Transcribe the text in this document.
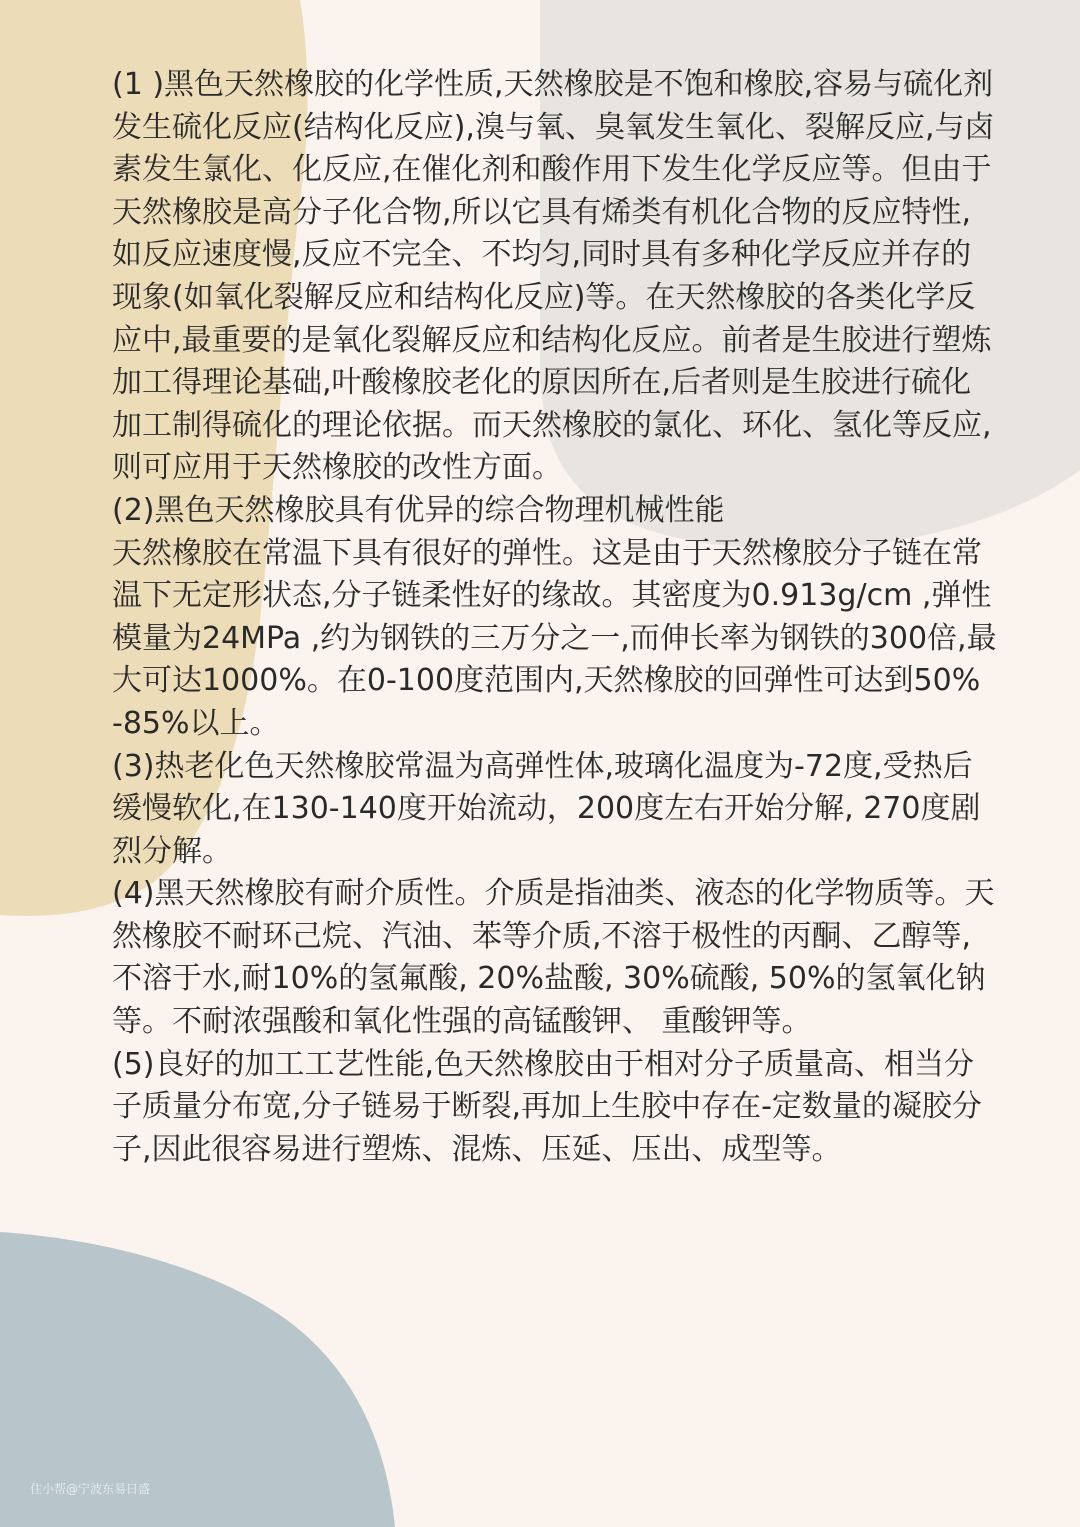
(1 )黑色天然橡胶的化学性质,天然橡胶是不饱和橡胶,容易与硫化剂发生硫化反应(结构化反应),溴与氧、臭氧发生氧化、裂解反应,与卤素发生氯化、化反应,在催化剂和酸作用下发生化学反应等。但由于天然橡胶是高分子化合物,所以它具有烯类有机化合物的反应特性,如反应速度慢,反应不完全、不均匀,同时具有多种化学反应并存的现象(如氧化裂解反应和结构化反应)等。在天然橡胶的各类化学反应中,最重要的是氧化裂解反应和结构化反应。前者是生胶进行塑炼加工得理论基础,叶酸橡胶老化的原因所在,后者则是生胶进行硫化加工制得硫化的理论依据。而天然橡胶的氯化、环化、氢化等反应,则可应用于天然橡胶的改性方面。

(2)黑色天然橡胶具有优异的综合物理机械性能

天然橡胶在常温下具有很好的弹性。这是由于天然橡胶分子链在常温下无定形状态,分子链柔性好的缘故。其密度为0.913g/cm ,弹性模量为24MPa ,约为钢铁的三万分之一,而伸长率为钢铁的300倍,最大可达1000%。在0-100度范围内,天然橡胶的回弹性可达到50% -85%以上。

(3)热老化色天然橡胶常温为高弹性体,玻璃化温度为-72度,受热后缓慢软化,在130-140度开始流动，200度左右开始分解, 270度剧烈分解。

(4)黑天然橡胶有耐介质性。介质是指油类、液态的化学物质等。天然橡胶不耐环己烷、汽油、苯等介质,不溶于极性的丙酮、乙醇等,不溶于水,耐10%的氢氟酸, 20%盐酸, 30%硫酸, 50%的氢氧化钠等。不耐浓强酸和氧化性强的高锰酸钾、 重酸钾等。

(5)良好的加工工艺性能,色天然橡胶由于相对分子质量高、相当分子质量分布宽,分子链易于断裂,再加上生胶中存在-定数量的凝胶分子,因此很容易进行塑炼、混炼、压延、压出、成型等。

住小帮@宁波东易日盛
